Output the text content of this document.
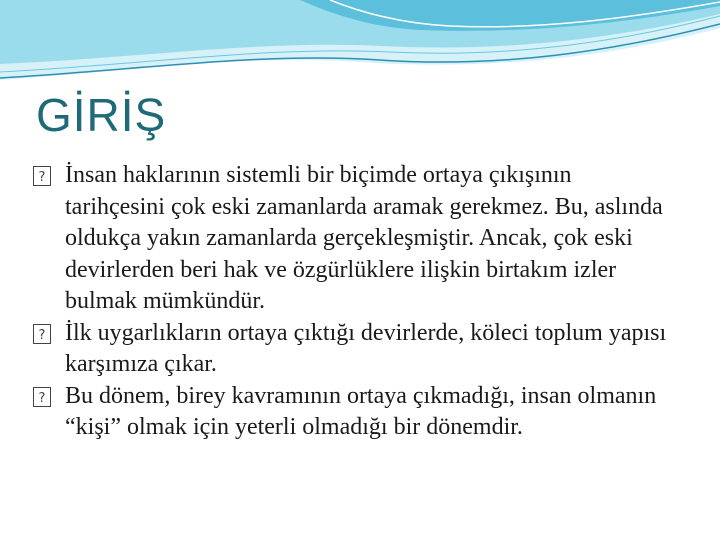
GİRİŞ
? İnsan haklarının sistemli bir biçimde ortaya çıkışının tarihçesini çok eski zamanlarda aramak gerekmez. Bu, aslında oldukça yakın zamanlarda gerçekleşmiştir. Ancak, çok eski devirlerden beri hak ve özgürlüklere ilişkin birtakım izler bulmak mümkündür.
? İlk uygarlıkların ortaya çıktığı devirlerde, köleci toplum yapısı karşımıza çıkar.
? Bu dönem, birey kavramının ortaya çıkmadığı, insan olmanın “kişi” olmak için yeterli olmadığı bir dönemdir.
